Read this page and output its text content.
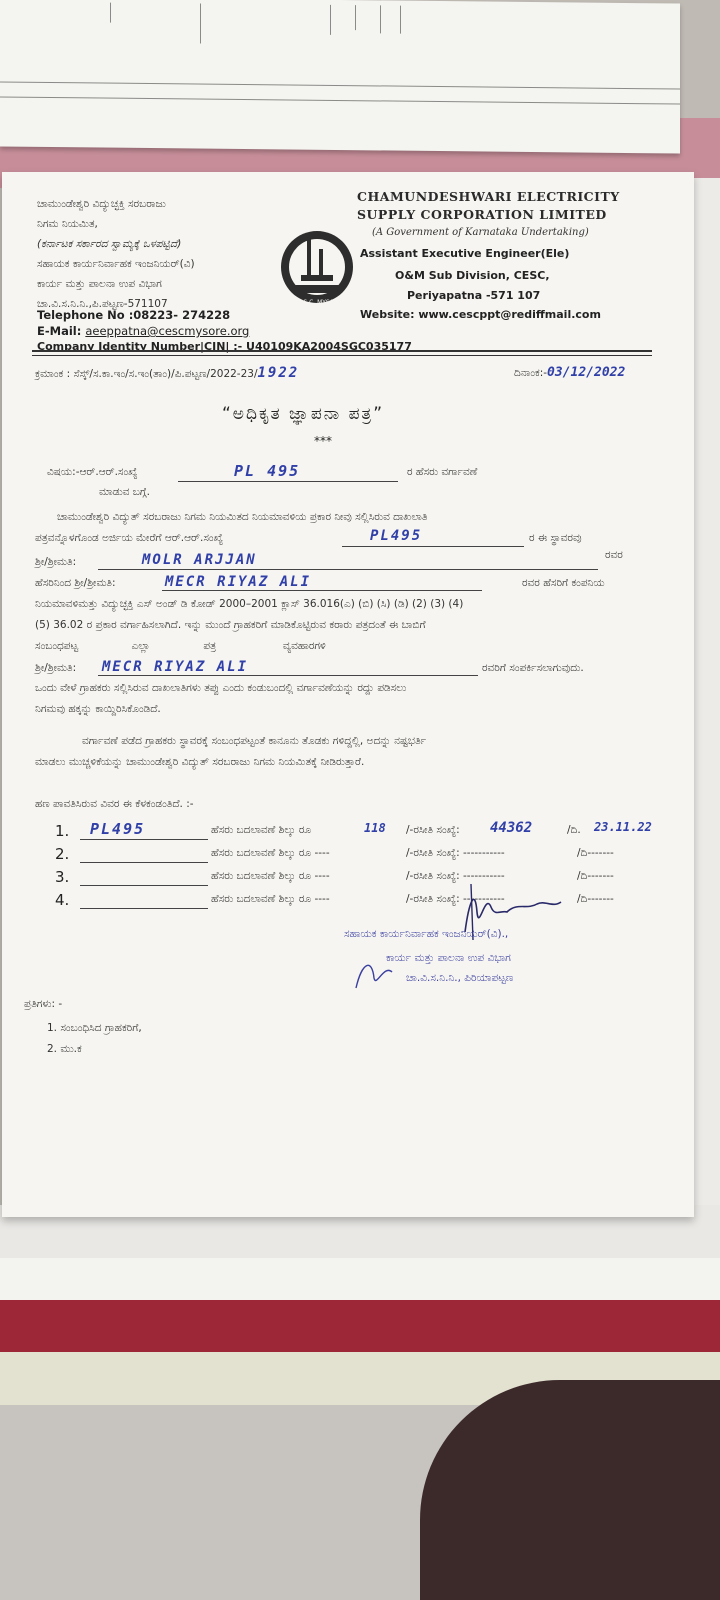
ಚಾಮುಂಡೇಶ್ವರಿ ವಿದ್ಯುಚ್ಛಕ್ತಿ ಸರಬರಾಜು
ನಿಗಮ ನಿಯಮಿತ,
(ಕರ್ನಾಟಕ ಸರ್ಕಾರದ ಸ್ವಾಮ್ಯಕ್ಕೆ ಒಳಪಟ್ಟಿದೆ)
ಸಹಾಯಕ ಕಾರ್ಯನಿರ್ವಾಹಕ ಇಂಜನಿಯರ್(ವಿ)
ಕಾರ್ಯ ಮತ್ತು ಪಾಲನಾ ಉಪ ವಿಭಾಗ
ಚಾ.ವಿ.ಸ.ನಿ.ನಿ.,ಪಿ.ಪಟ್ಟಣ-571107
Telephone No :08223- 274228
E-Mail: aeeppatna@cescmysore.org
Company Identity Number|CIN| :- U40109KA2004SGC035177
C.E.S.C. MYSORE
CHAMUNDESHWARI ELECTRICITY
SUPPLY CORPORATION LIMITED
(A Government of Karnataka Undertaking)
Assistant Executive Engineer(Ele)
O&M Sub Division, CESC,
Periyapatna -571 107
Website: www.cescppt@rediffmail.com
ಕ್ರಮಾಂಕ : ಸೆಸ್ಕ್/ಸ.ಕಾ.ಇಂ/ಸ.ಇಂ(ತಾಂ)/ಪಿ.ಪಟ್ಟಣ/2022-23/1922	ದಿನಾಂಕ:-03/12/2022
“ಅಧಿಕೃತ ಜ್ಞಾಪನಾ ಪತ್ರ”
***
ವಿಷಯ:-ಆರ್.ಆರ್.ಸಂಖ್ಯೆ	PL 495	ರ ಹೆಸರು ವರ್ಗಾವಣೆ
ಮಾಡುವ ಬಗ್ಗೆ.
ಚಾಮುಂಡೇಶ್ವರಿ ವಿದ್ಯುತ್ ಸರಬರಾಜು ನಿಗಮ ನಿಯಮಿತದ ನಿಯಮಾವಳಿಯ ಪ್ರಕಾರ ನೀವು ಸಲ್ಲಿಸಿರುವ ದಾಖಲಾತಿ
ಪತ್ರವನ್ನೊಳಗೊಂಡ ಅರ್ಜಿಯ ಮೇರೆಗೆ ಆರ್.ಆರ್.ಸಂಖ್ಯೆ	PL495	ರ ಈ ಸ್ಥಾವರವು
ಶ್ರೀ/ಶ್ರೀಮತಿ:	MOLR ARJJAN	ರವರ
ಹೆಸರಿನಿಂದ ಶ್ರೀ/ಶ್ರೀಮತಿ:	MECR RIYAZ ALI	ರವರ ಹೆಸರಿಗೆ ಕಂಪನಿಯ
ನಿಯಮಾವಳಿಮತ್ತು ವಿದ್ಯುಚ್ಛಕ್ತಿ ಎಸ್ ಅಂಡ್ ಡಿ ಕೋಡ್ 2000–2001 ಕ್ಲಾಸ್ 36.016(ಎ) (ಬಿ) (ಸಿ) (ಡಿ) (2) (3) (4)
(5) 36.02 ರ ಪ್ರಕಾರ ವರ್ಗಾಹಿಸಲಾಗಿದೆ. ಇನ್ನು ಮುಂದೆ ಗ್ರಾಹಕರಿಗೆ ಮಾಡಿಕೊಟ್ಟಿರುವ ಕರಾರು ಪತ್ರದಂತೆ ಈ ಬಾಬಿಗೆ
ಸಂಬಂಧಪಟ್ಟ                ಎಲ್ಲಾ                ಪತ್ರ                    ವ್ಯವಹಾರಗಳಿ
ಶ್ರೀ/ಶ್ರೀಮತಿ: MECR RIYAZ ALI	ರವರಿಗೆ ಸಂಪರ್ಕಿಸಲಾಗುವುದು.
ಒಂದು ವೇಳೆ ಗ್ರಾಹಕರು ಸಲ್ಲಿಸಿರುವ ದಾಖಲಾತಿಗಳು ತಪ್ಪು ಎಂದು ಕಂಡುಬಂದಲ್ಲಿ ವರ್ಗಾವಣೆಯನ್ನು ರದ್ದು ಪಡಿಸಲು
ನಿಗಮವು ಹಕ್ಕನ್ನು ಕಾಯ್ದಿರಿಸಿಕೊಂಡಿದೆ.
ವರ್ಗಾವಣೆ ಪಡೆದ ಗ್ರಾಹಕರು ಸ್ಥಾವರಕ್ಕೆ ಸಂಬಂಧಪಟ್ಟಂತೆ ಕಾನೂನು ತೊಡಕು ಗಳಿದ್ದಲ್ಲಿ, ಅದನ್ನು ನಷ್ಟಭರ್ತಿ
ಮಾಡಲು ಮುಚ್ಚಳಿಕೆಯನ್ನು ಚಾಮುಂಡೇಶ್ವರಿ ವಿದ್ಯುತ್ ಸರಬರಾಜು ನಿಗಮ ನಿಯಮಿತಕ್ಕೆ ನೀಡಿರುತ್ತಾರೆ.
ಹಣ ಪಾವತಿಸಿರುವ ವಿವರ ಈ ಕೆಳಕಂಡಂತಿದೆ. :-
1. PL495	ಹೆಸರು ಬದಲಾವಣೆ ಶಿಲ್ಕು ರೂ	118 /-ರಸೀತಿ ಸಂಖ್ಯೆ: 44362	/ದಿ. 23.11.22
2.	ಹೆಸರು ಬದಲಾವಣೆ ಶಿಲ್ಕು ರೂ ----	/-ರಸೀತಿ ಸಂಖ್ಯೆ: -----------	/ದಿ-------
3.	ಹೆಸರು ಬದಲಾವಣೆ ಶಿಲ್ಕು ರೂ ----	/-ರಸೀತಿ ಸಂಖ್ಯೆ: -----------	/ದಿ-------
4.	ಹೆಸರು ಬದಲಾವಣೆ ಶಿಲ್ಕು ರೂ ----	/-ರಸೀತಿ ಸಂಖ್ಯೆ: -----------	/ದಿ-------
ಸಹಾಯಕ ಕಾರ್ಯನಿರ್ವಾಹಕ ಇಂಜನಿಯರ್(ವಿ).,
ಕಾರ್ಯ ಮತ್ತು ಪಾಲನಾ ಉಪ ವಿಭಾಗ
ಚಾ.ವಿ.ಸ.ನಿ.ನಿ., ಪಿರಿಯಾಪಟ್ಟಣ
ಪ್ರತಿಗಳು: -
1. ಸಂಬಂಧಿಸಿದ ಗ್ರಾಹಕರಿಗೆ,
2. ಮು.ಕ
